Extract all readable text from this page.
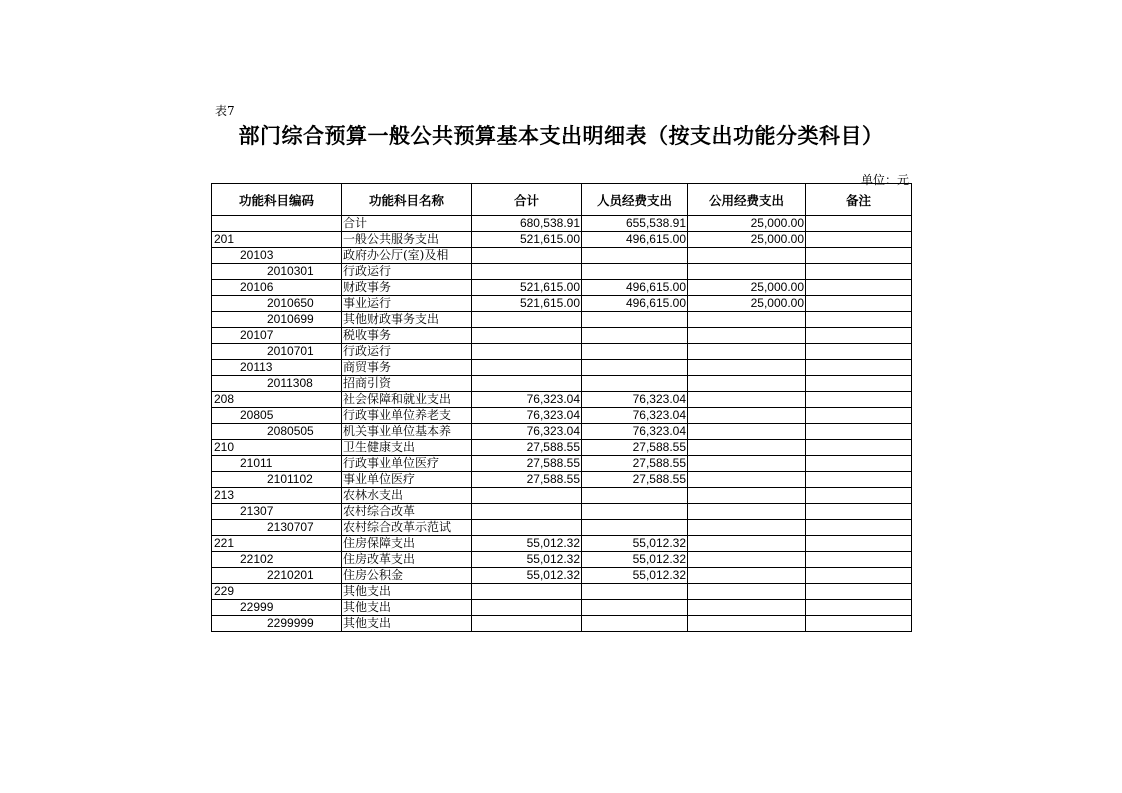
表7
部门综合预算一般公共预算基本支出明细表（按支出功能分类科目）
单位：元
功能科目编码	功能科目名称	合计	人员经费支出	公用经费支出	备注
	合计	680,538.91	655,538.91	25,000.00	
201	一般公共服务支出	521,615.00	496,615.00	25,000.00	
20103	政府办公厅(室)及相				
2010301	行政运行				
20106	财政事务	521,615.00	496,615.00	25,000.00	
2010650	事业运行	521,615.00	496,615.00	25,000.00	
2010699	其他财政事务支出				
20107	税收事务				
2010701	行政运行				
20113	商贸事务				
2011308	招商引资				
208	社会保障和就业支出	76,323.04	76,323.04		
20805	行政事业单位养老支	76,323.04	76,323.04		
2080505	机关事业单位基本养	76,323.04	76,323.04		
210	卫生健康支出	27,588.55	27,588.55		
21011	行政事业单位医疗	27,588.55	27,588.55		
2101102	事业单位医疗	27,588.55	27,588.55		
213	农林水支出				
21307	农村综合改革				
2130707	农村综合改革示范试				
221	住房保障支出	55,012.32	55,012.32		
22102	住房改革支出	55,012.32	55,012.32		
2210201	住房公积金	55,012.32	55,012.32		
229	其他支出				
22999	其他支出				
2299999	其他支出				
